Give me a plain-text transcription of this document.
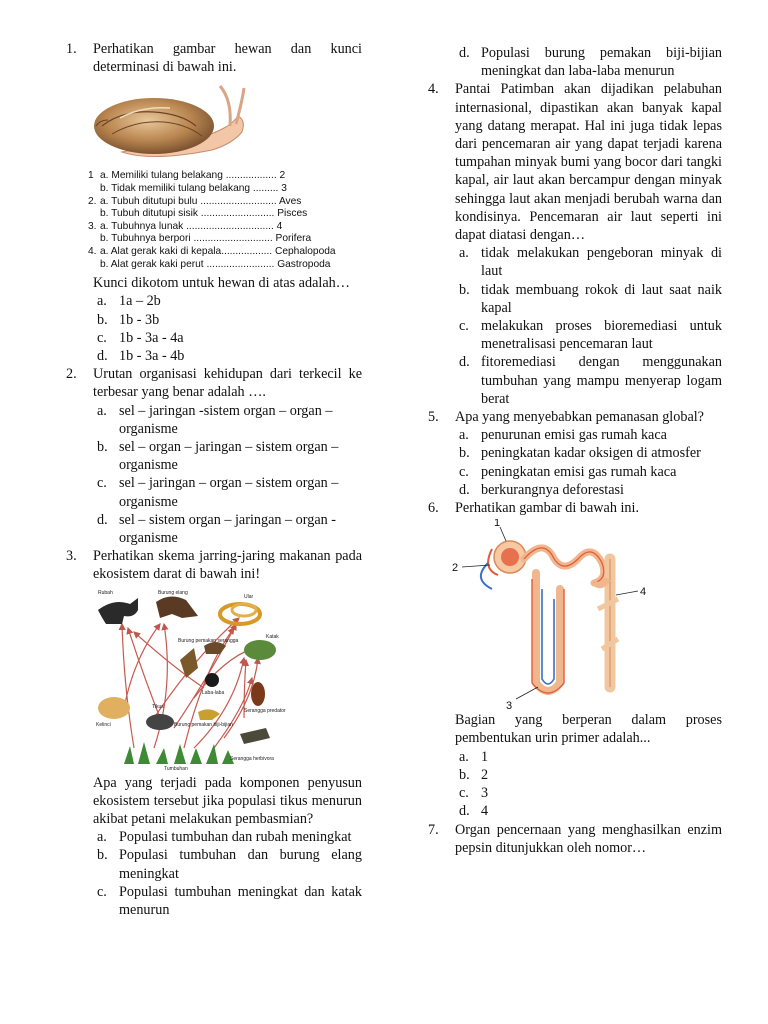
1. Perhatikan gambar hewan dan kunci determinasi di bawah ini.
1 a. Memiliki tulang belakang .................. 2
b. Tidak memiliki tulang belakang ......... 3
2. a. Tubuh ditutupi bulu ........................... Aves
b. Tubuh ditutupi sisik .......................... Pisces
3. a. Tubuhnya lunak ............................... 4
b. Tubuhnya berpori ............................ Porifera
4. a. Alat gerak kaki di kepala.................. Cephalopoda
b. Alat gerak kaki perut ........................ Gastropoda
Kunci dikotom untuk hewan di atas adalah…
a. 1a – 2b
b. 1b - 3b
c. 1b - 3a - 4a
d. 1b - 3a - 4b
2. Urutan organisasi kehidupan dari terkecil ke terbesar yang benar adalah ….
a. sel – jaringan -sistem organ – organ – organisme
b. sel – organ – jaringan – sistem organ – organisme
c. sel – jaringan – organ – sistem organ – organisme
d. sel – sistem organ – jaringan – organ - organisme
3. Perhatikan skema jarring-jaring makanan pada ekosistem darat di bawah ini!
Rubah	Burung elang
Ular
Katak
Burung pemakan serangga
Laba-laba
Serangga predator
Tikus
Burung pemakan biji-bijian
Kelinci
Tumbuhan
Serangga herbivora
Apa yang terjadi pada komponen penyusun ekosistem tersebut jika populasi tikus menurun akibat petani melakukan pembasmian?
a. Populasi tumbuhan dan rubah meningkat
b. Populasi tumbuhan dan burung elang meningkat
c. Populasi tumbuhan meningkat dan katak menurun
d. Populasi burung pemakan biji-bijian meningkat dan laba-laba menurun
4. Pantai Patimban akan dijadikan pelabuhan internasional, dipastikan akan banyak kapal yang datang merapat. Hal ini juga tidak lepas dari pencemaran air yang dapat terjadi karena tumpahan minyak bumi yang bocor dari tangki kapal, air laut akan bercampur dengan minyak sehingga laut akan menjadi berubah warna dan kondisinya. Pencemaran air laut seperti ini dapat diatasi dengan…
a. tidak melakukan pengeboran minyak di laut
b. tidak membuang rokok di laut saat naik kapal
c. melakukan proses bioremediasi untuk menetralisasi pencemaran laut
d. fitoremediasi dengan menggunakan tumbuhan yang mampu menyerap logam berat
5. Apa yang menyebabkan pemanasan global?
a. penurunan emisi gas rumah kaca
b. peningkatan kadar oksigen di atmosfer
c. peningkatan emisi gas rumah kaca
d. berkurangnya deforestasi
6. Perhatikan gambar di bawah ini.
1
2
3
4
Bagian yang berperan dalam proses pembentukan urin primer adalah...
a. 1
b. 2
c. 3
d. 4
7. Organ pencernaan yang menghasilkan enzim pepsin ditunjukkan oleh nomor…
